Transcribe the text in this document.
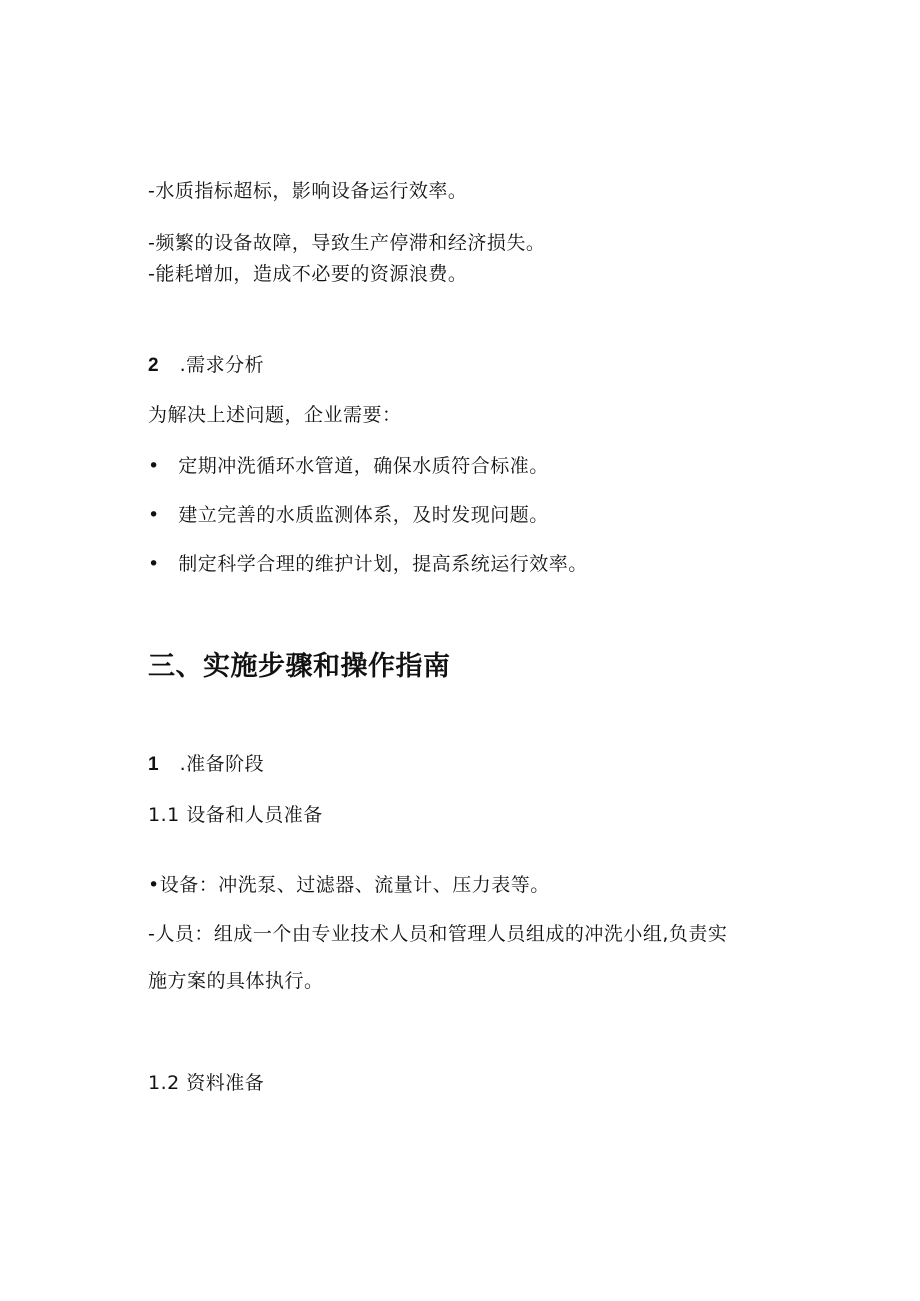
-水质指标超标，影响设备运行效率。
-频繁的设备故障，导致生产停滞和经济损失。
-能耗增加，造成不必要的资源浪费。
2 .需求分析
为解决上述问题，企业需要：
• 定期冲洗循环水管道，确保水质符合标准。
• 建立完善的水质监测体系，及时发现问题。
• 制定科学合理的维护计划，提高系统运行效率。
三、实施步骤和操作指南
1 .准备阶段
1.1 设备和人员准备
•设备：冲洗泵、过滤器、流量计、压力表等。
-人员：组成一个由专业技术人员和管理人员组成的冲洗小组,负责实
施方案的具体执行。
1.2 资料准备
